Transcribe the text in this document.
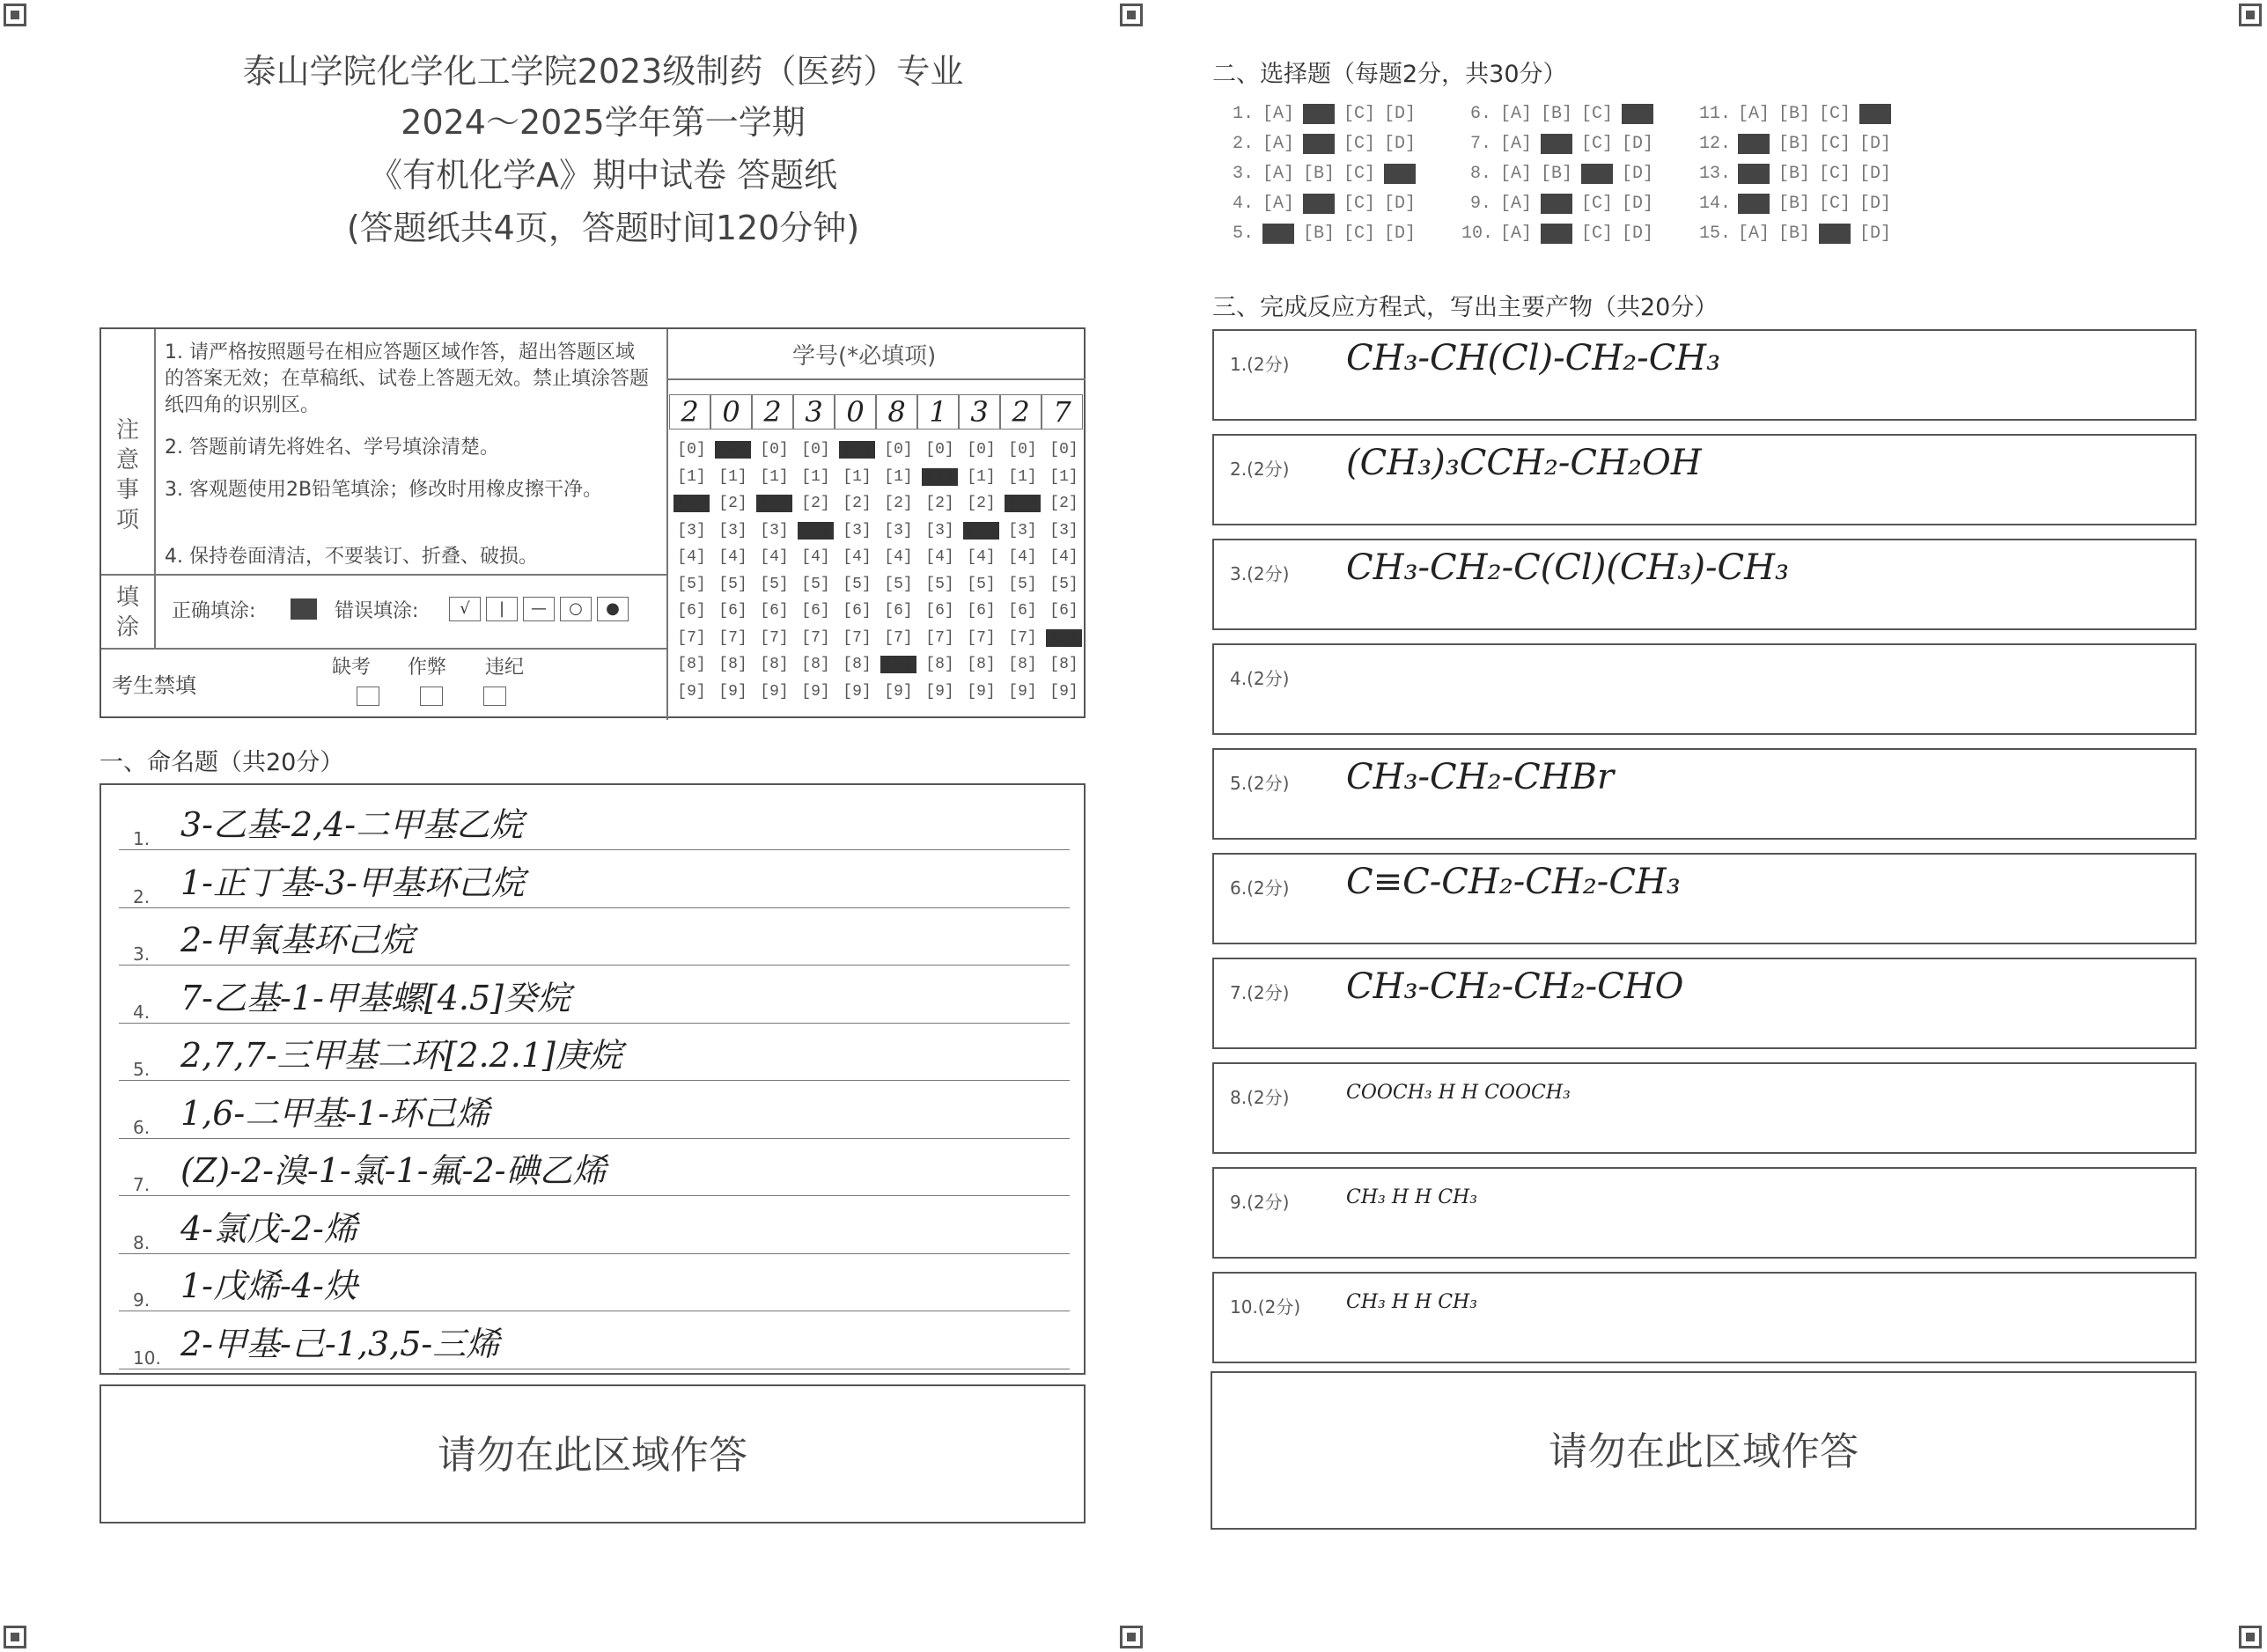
泰山学院化学化工学院2023级制药（医药）专业
2024～2025学年第一学期
《有机化学A》期中试卷 答题纸
(答题纸共4页，答题时间120分钟)
注
意
事
项
1. 请严格按照题号在相应答题区域作答，超出答题区域的答案无效；在草稿纸、试卷上答题无效。禁止填涂答题纸四角的识别区。
2. 答题前请先将姓名、学号填涂清楚。
3. 客观题使用2B铅笔填涂；修改时用橡皮擦干净。
4. 保持卷面清洁，不要装订、折叠、破损。
填
涂
正确填涂:	错误填涂:	√	|	—	○	●
考生禁填
缺考 作弊 违纪
学号(*必填项)
2 0 2 3 0 8 1 3 2 7
[0] [0] [0] [0] [0] [0] [0] [0] [0] [0]
[1] [1] [1] [1] [1] [1] [1] [1] [1] [1]
[2] [2] [2] [2] [2] [2] [2] [2] [2] [2]
[3] [3] [3] [3] [3] [3] [3] [3] [3] [3]
[4] [4] [4] [4] [4] [4] [4] [4] [4] [4]
[5] [5] [5] [5] [5] [5] [5] [5] [5] [5]
[6] [6] [6] [6] [6] [6] [6] [6] [6] [6]
[7] [7] [7] [7] [7] [7] [7] [7] [7] [7]
[8] [8] [8] [8] [8] [8] [8] [8] [8] [8]
[9] [9] [9] [9] [9] [9] [9] [9] [9] [9]
一、命名题（共20分）
1. 3-乙基-2,4-二甲基乙烷
2. 1-正丁基-3-甲基环己烷
3. 2-甲氧基环己烷
4. 7-乙基-1-甲基螺[4.5]癸烷
5. 2,7,7-三甲基二环[2.2.1]庚烷
6. 1,6-二甲基-1-环己烯
7. (Z)-2-溴-1-氯-1-氟-2-碘乙烯
8. 4-氯戊-2-烯
9. 1-戊烯-4-炔
10. 2-甲基-己-1,3,5-三烯
请勿在此区域作答
二、选择题（每题2分，共30分）
1. [A] [B] [C] [D]
2. [A] [B] [C] [D]
3. [A] [B] [C] [D]
4. [A] [B] [C] [D]
5. [A] [B] [C] [D]
6. [A] [B] [C] [D]
7. [A] [B] [C] [D]
8. [A] [B] [C] [D]
9. [A] [B] [C] [D]
10. [A] [B] [C] [D]
11. [A] [B] [C] [D]
12. [A] [B] [C] [D]
13. [A] [B] [C] [D]
14. [A] [B] [C] [D]
15. [A] [B] [C] [D]
三、完成反应方程式，写出主要产物（共20分）
1.(2分) CH₃-CH(Cl)-CH₂-CH₃
2.(2分) (CH₃)₃CCH₂-CH₂OH
3.(2分) CH₃-CH₂-C(Cl)(CH₃)-CH₃
4.(2分)
5.(2分) CH₃-CH₂-CHBr
6.(2分) C≡C-CH₂-CH₂-CH₃
7.(2分) CH₃-CH₂-CH₂-CHO
8.(2分)	COOCH₃ H H COOCH₃
9.(2分)	CH₃ H H CH₃
10.(2分) CH₃ H H CH₃
请勿在此区域作答
